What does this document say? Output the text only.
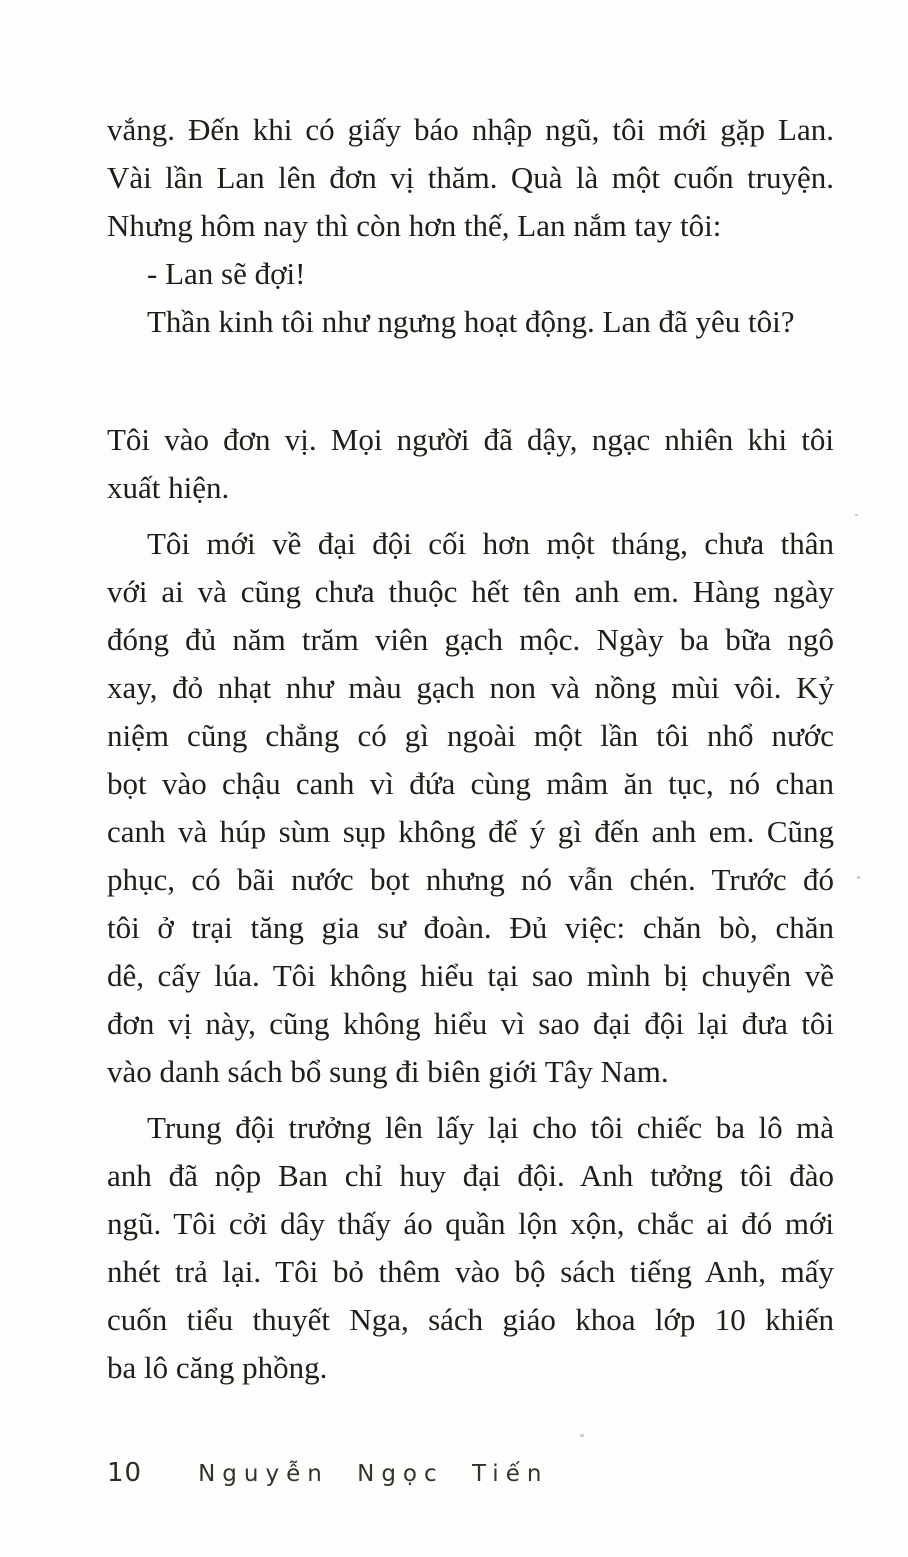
vắng. Đến khi có giấy báo nhập ngũ, tôi mới gặp Lan.
Vài lần Lan lên đơn vị thăm. Quà là một cuốn truyện.
Nhưng hôm nay thì còn hơn thế, Lan nắm tay tôi:
- Lan sẽ đợi!
Thần kinh tôi như ngưng hoạt động. Lan đã yêu tôi?
Tôi vào đơn vị. Mọi người đã dậy, ngạc nhiên khi tôi
xuất hiện.
Tôi mới về đại đội cối hơn một tháng, chưa thân
với ai và cũng chưa thuộc hết tên anh em. Hàng ngày
đóng đủ năm trăm viên gạch mộc. Ngày ba bữa ngô
xay, đỏ nhạt như màu gạch non và nồng mùi vôi. Kỷ
niệm cũng chẳng có gì ngoài một lần tôi nhổ nước
bọt vào chậu canh vì đứa cùng mâm ăn tục, nó chan
canh và húp sùm sụp không để ý gì đến anh em. Cũng
phục, có bãi nước bọt nhưng nó vẫn chén. Trước đó
tôi ở trại tăng gia sư đoàn. Đủ việc: chăn bò, chăn
dê, cấy lúa. Tôi không hiểu tại sao mình bị chuyển về
đơn vị này, cũng không hiểu vì sao đại đội lại đưa tôi
vào danh sách bổ sung đi biên giới Tây Nam.
Trung đội trưởng lên lấy lại cho tôi chiếc ba lô mà
anh đã nộp Ban chỉ huy đại đội. Anh tưởng tôi đào
ngũ. Tôi cởi dây thấy áo quần lộn xộn, chắc ai đó mới
nhét trả lại. Tôi bỏ thêm vào bộ sách tiếng Anh, mấy
cuốn tiểu thuyết Nga, sách giáo khoa lớp 10 khiến
ba lô căng phồng.
10 Nguyễn Ngọc Tiến
